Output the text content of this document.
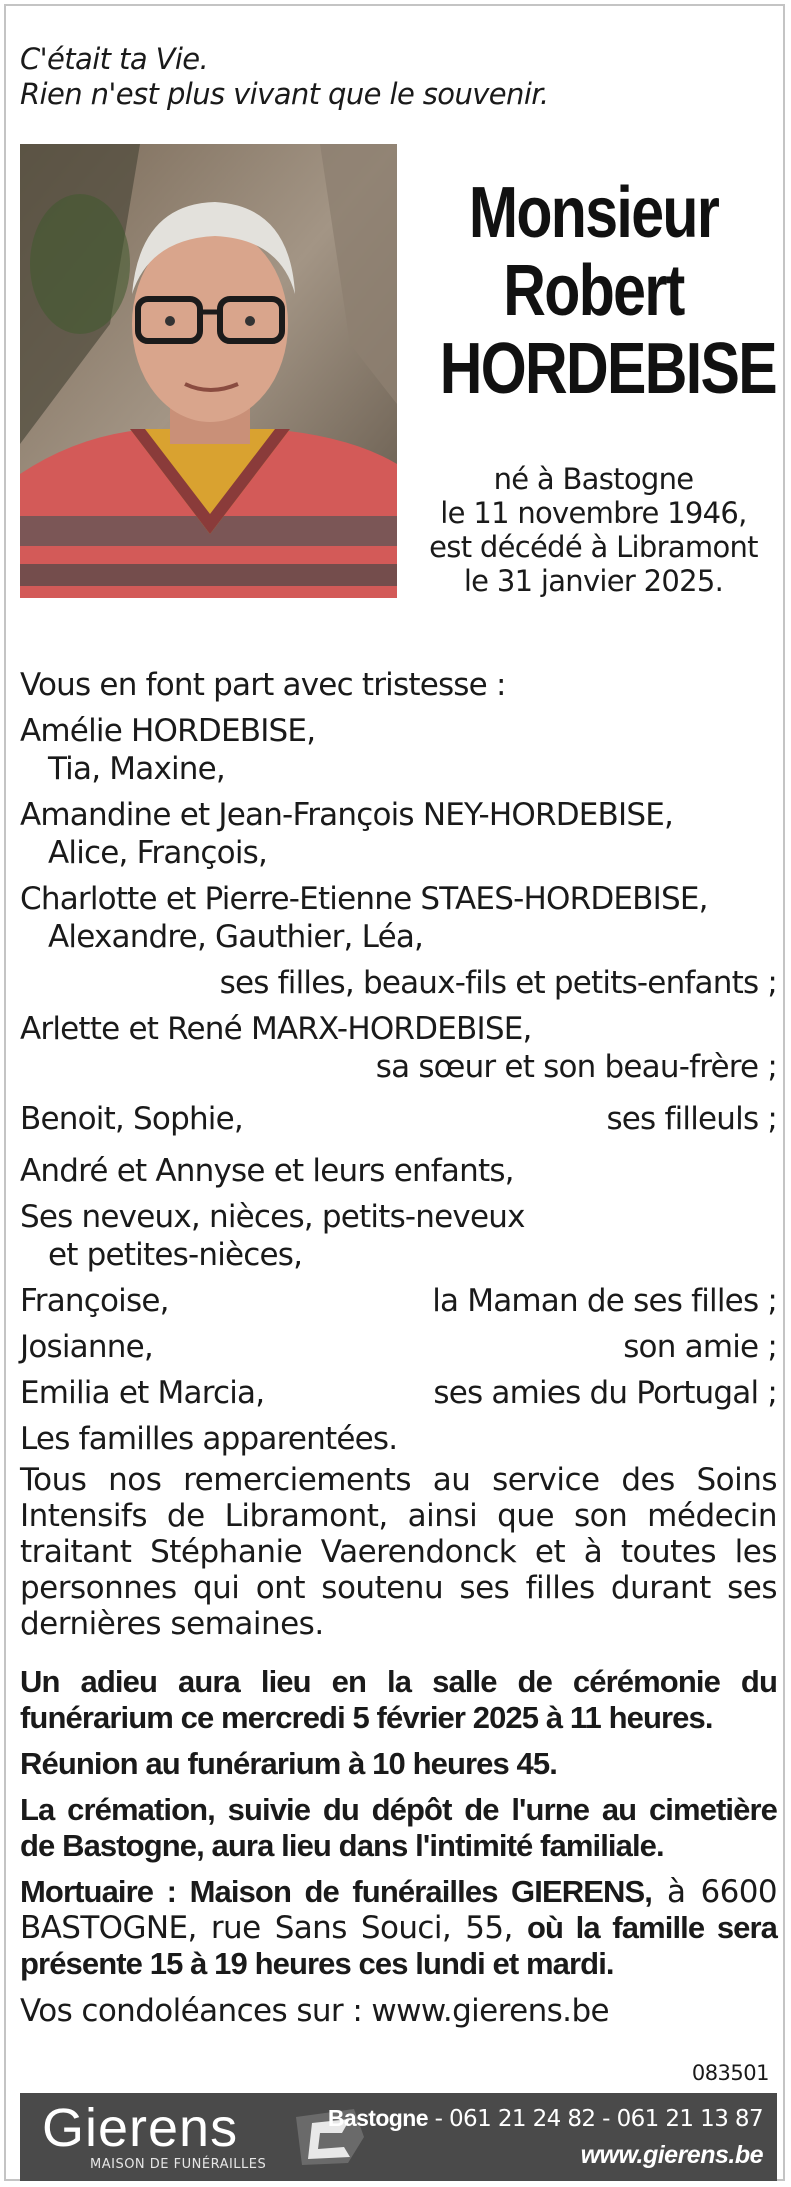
C'était ta Vie.
Rien n'est plus vivant que le souvenir.
Monsieur
Robert
HORDEBISE
né à Bastogne
le 11 novembre 1946,
est décédé à Libramont
le 31 janvier 2025.
Vous en font part avec tristesse :
Amélie HORDEBISE,
Tia, Maxine,
Amandine et Jean-François NEY-HORDEBISE,
Alice, François,
Charlotte et Pierre-Etienne STAES-HORDEBISE,
Alexandre, Gauthier, Léa,
ses filles, beaux-fils et petits-enfants ;
Arlette et René MARX-HORDEBISE,
sa sœur et son beau-frère ;
Benoit, Sophie,	ses filleuls ;
André et Annyse et leurs enfants,
Ses neveux, nièces, petits-neveux
et petites-nièces,
Françoise,	la Maman de ses filles ;
Josianne,	son amie ;
Emilia et Marcia,	ses amies du Portugal ;
Les familles apparentées.
Tous nos remerciements au service des Soins Intensifs de Libramont, ainsi que son médecin traitant Stéphanie Vaerendonck et à toutes les personnes qui ont soutenu ses filles durant ses dernières semaines.
Un adieu aura lieu en la salle de cérémonie du funérarium ce mercredi 5 février 2025 à 11 heures.
Réunion au funérarium à 10 heures 45.
La crémation, suivie du dépôt de l'urne au cimetière de Bastogne, aura lieu dans l'intimité familiale.
Mortuaire : Maison de funérailles GIERENS, à 6600 BASTOGNE, rue Sans Souci, 55, où la famille sera présente 15 à 19 heures ces lundi et mardi.
Vos condoléances sur : www.gierens.be
083501
Gierens
MAISON DE FUNÉRAILLES
Bastogne - 061 21 24 82 - 061 21 13 87
www.gierens.be
